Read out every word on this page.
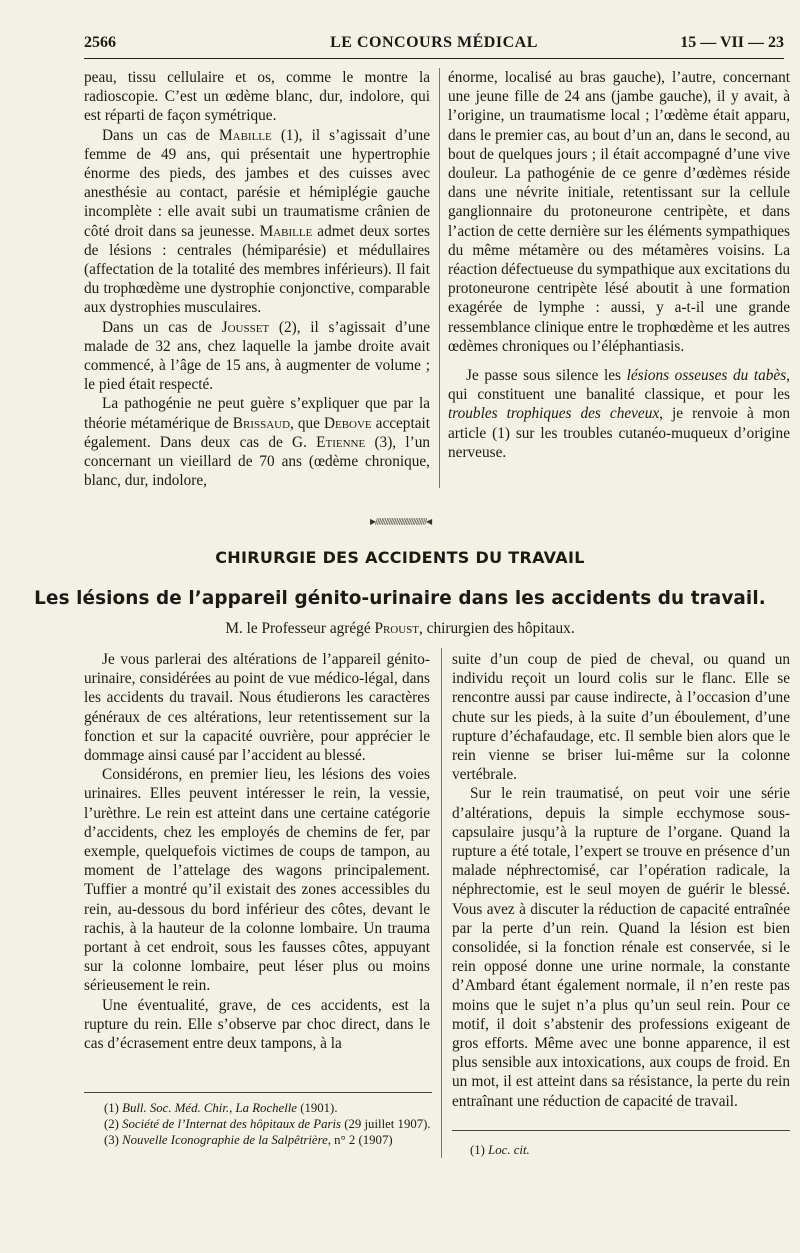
2566	LE CONCOURS MÉDICAL	15 — VII — 23

peau, tissu cellulaire et os, comme le montre la radioscopie. C’est un œdème blanc, dur, indolore, qui est réparti de façon symétrique.

Dans un cas de Mabille (1), il s’agissait d’une femme de 49 ans, qui présentait une hypertrophie énorme des pieds, des jambes et des cuisses avec anesthésie au contact, parésie et hémiplégie gauche incomplète : elle avait subi un traumatisme crânien de côté droit dans sa jeunesse. Mabille admet deux sortes de lésions : centrales (hémiparésie) et médullaires (affectation de la totalité des membres inférieurs). Il fait du trophœdème une dystrophie conjonctive, comparable aux dystrophies musculaires.

Dans un cas de Jousset (2), il s’agissait d’une malade de 32 ans, chez laquelle la jambe droite avait commencé, à l’âge de 15 ans, à augmenter de volume ; le pied était respecté.

La pathogénie ne peut guère s’expliquer que par la théorie métamérique de Brissaud, que Debove acceptait également. Dans deux cas de G. Etienne (3), l’un concernant un vieillard de 70 ans (œdème chronique, blanc, dur, indolore,

énorme, localisé au bras gauche), l’autre, concernant une jeune fille de 24 ans (jambe gauche), il y avait, à l’origine, un traumatisme local ; l’œdème était apparu, dans le premier cas, au bout d’un an, dans le second, au bout de quelques jours ; il était accompagné d’une vive douleur. La pathogénie de ce genre d’œdèmes réside dans une névrite initiale, retentissant sur la cellule ganglionnaire du protoneurone centripète, et dans l’action de cette dernière sur les éléments sympathiques du même métamère ou des métamères voisins. La réaction défectueuse du sympathique aux excitations du protoneurone centripète lésé aboutit à une formation exagérée de lymphe : aussi, y a-t-il une grande ressemblance clinique entre le trophœdème et les autres œdèmes chroniques ou l’éléphantiasis.

Je passe sous silence les lésions osseuses du tabès, qui constituent une banalité classique, et pour les troubles trophiques des cheveux, je renvoie à mon article (1) sur les troubles cutanéo-muqueux d’origine nerveuse.

▶∕∕∕∕∕∕∕∕∕∕∕∕∕∕∕∕∕∕∕∕∕∕∕∕∕∕∕∕∕∕◀
CHIRURGIE DES ACCIDENTS DU TRAVAIL
Les lésions de l’appareil génito-urinaire dans les accidents du travail.
M. le Professeur agrégé Proust, chirurgien des hôpitaux.

Je vous parlerai des altérations de l’appareil génito-urinaire, considérées au point de vue médico-légal, dans les accidents du travail. Nous étudierons les caractères généraux de ces altérations, leur retentissement sur la fonction et sur la capacité ouvrière, pour apprécier le dommage ainsi causé par l’accident au blessé.

Considérons, en premier lieu, les lésions des voies urinaires. Elles peuvent intéresser le rein, la vessie, l’urèthre. Le rein est atteint dans une certaine catégorie d’accidents, chez les employés de chemins de fer, par exemple, quelquefois victimes de coups de tampon, au moment de l’attelage des wagons principalement. Tuffier a montré qu’il existait des zones accessibles du rein, au-dessous du bord inférieur des côtes, devant le rachis, à la hauteur de la colonne lombaire. Un trauma portant à cet endroit, sous les fausses côtes, appuyant sur la colonne lombaire, peut léser plus ou moins sérieusement le rein.

Une éventualité, grave, de ces accidents, est la rupture du rein. Elle s’observe par choc direct, dans le cas d’écrasement entre deux tampons, à la

suite d’un coup de pied de cheval, ou quand un individu reçoit un lourd colis sur le flanc. Elle se rencontre aussi par cause indirecte, à l’occasion d’une chute sur les pieds, à la suite d’un éboulement, d’une rupture d’échafaudage, etc. Il semble bien alors que le rein vienne se briser lui-même sur la colonne vertébrale.

Sur le rein traumatisé, on peut voir une série d’altérations, depuis la simple ecchymose sous-capsulaire jusqu’à la rupture de l’organe. Quand la rupture a été totale, l’expert se trouve en présence d’un malade néphrectomisé, car l’opération radicale, la néphrectomie, est le seul moyen de guérir le blessé. Vous avez à discuter la réduction de capacité entraînée par la perte d’un rein. Quand la lésion est bien consolidée, si la fonction rénale est conservée, si le rein opposé donne une urine normale, la constante d’Ambard étant également normale, il n’en reste pas moins que le sujet n’a plus qu’un seul rein. Pour ce motif, il doit s’abstenir des professions exigeant de gros efforts. Même avec une bonne apparence, il est plus sensible aux intoxications, aux coups de froid. En un mot, il est atteint dans sa résistance, la perte du rein entraînant une réduction de capacité de travail.

(1) Bull. Soc. Méd. Chir., La Rochelle (1901).
(2) Société de l’Internat des hôpitaux de Paris (29 juillet 1907).
(3) Nouvelle Iconographie de la Salpêtrière, n° 2 (1907)
(1) Loc. cit.
